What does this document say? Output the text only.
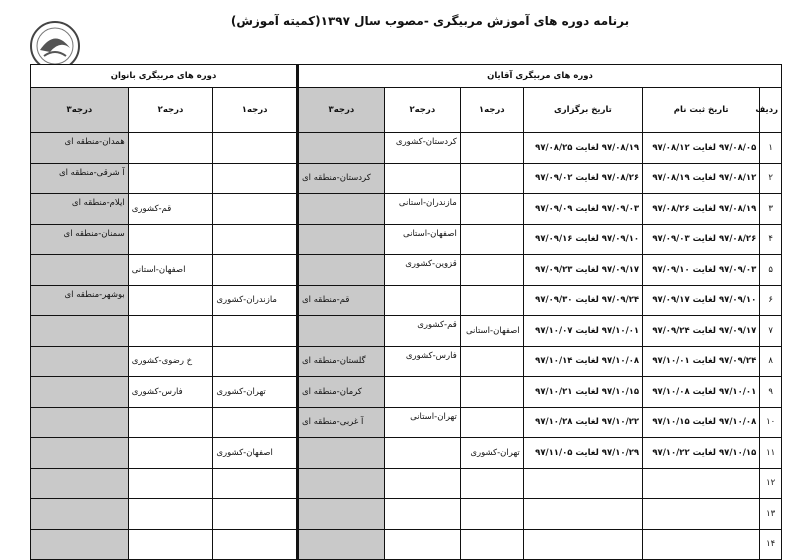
برنامه دوره های آموزش مربیگری -مصوب سال ۱۳۹۷(کمیته آموزش)
دوره های مربیگری آقایان						دوره های مربیگری بانوان		
ردیف	تاریخ ثبت نام	تاریخ برگزاری	درجه۱	درجه۲	درجه۳	درجه۱	درجه۲	درجه۳
۱	۹۷/۰۸/۰۵ لغایت ۹۷/۰۸/۱۲	۹۷/۰۸/۱۹ لغایت ۹۷/۰۸/۲۵		کردستان-کشوری				همدان-منطقه ای
۲	۹۷/۰۸/۱۲ لغایت ۹۷/۰۸/۱۹	۹۷/۰۸/۲۶ لغایت ۹۷/۰۹/۰۲			کردستان-منطقه ای			آ شرقی-منطقه ای
۳	۹۷/۰۸/۱۹ لغایت ۹۷/۰۸/۲۶	۹۷/۰۹/۰۳ لغایت ۹۷/۰۹/۰۹		مازندران-استانی			قم-کشوری	ایلام-منطقه ای
۴	۹۷/۰۸/۲۶ لغایت ۹۷/۰۹/۰۳	۹۷/۰۹/۱۰ لغایت ۹۷/۰۹/۱۶		اصفهان-استانی				سمنان-منطقه ای
۵	۹۷/۰۹/۰۳ لغایت ۹۷/۰۹/۱۰	۹۷/۰۹/۱۷ لغایت ۹۷/۰۹/۲۳		قزوین-کشوری			اصفهان-استانی	
۶	۹۷/۰۹/۱۰ لغایت ۹۷/۰۹/۱۷	۹۷/۰۹/۲۴ لغایت ۹۷/۰۹/۳۰			قم-منطقه ای	مازندران-کشوری		بوشهر-منطقه ای
۷	۹۷/۰۹/۱۷ لغایت ۹۷/۰۹/۲۴	۹۷/۱۰/۰۱ لغایت ۹۷/۱۰/۰۷	اصفهان-استانی	قم-کشوری				
۸	۹۷/۰۹/۲۴ لغایت ۹۷/۱۰/۰۱	۹۷/۱۰/۰۸ لغایت ۹۷/۱۰/۱۴		فارس-کشوری	گلستان-منطقه ای		خ رضوی-کشوری	
۹	۹۷/۱۰/۰۱ لغایت ۹۷/۱۰/۰۸	۹۷/۱۰/۱۵ لغایت ۹۷/۱۰/۲۱			کرمان-منطقه ای	تهران-کشوری	فارس-کشوری	
۱۰	۹۷/۱۰/۰۸ لغایت ۹۷/۱۰/۱۵	۹۷/۱۰/۲۲ لغایت ۹۷/۱۰/۲۸		تهران-استانی	آ غربی-منطقه ای			
۱۱	۹۷/۱۰/۱۵ لغایت ۹۷/۱۰/۲۲	۹۷/۱۰/۲۹ لغایت ۹۷/۱۱/۰۵	تهران-کشوری			اصفهان-کشوری		
۱۲								
۱۳								
۱۴								
